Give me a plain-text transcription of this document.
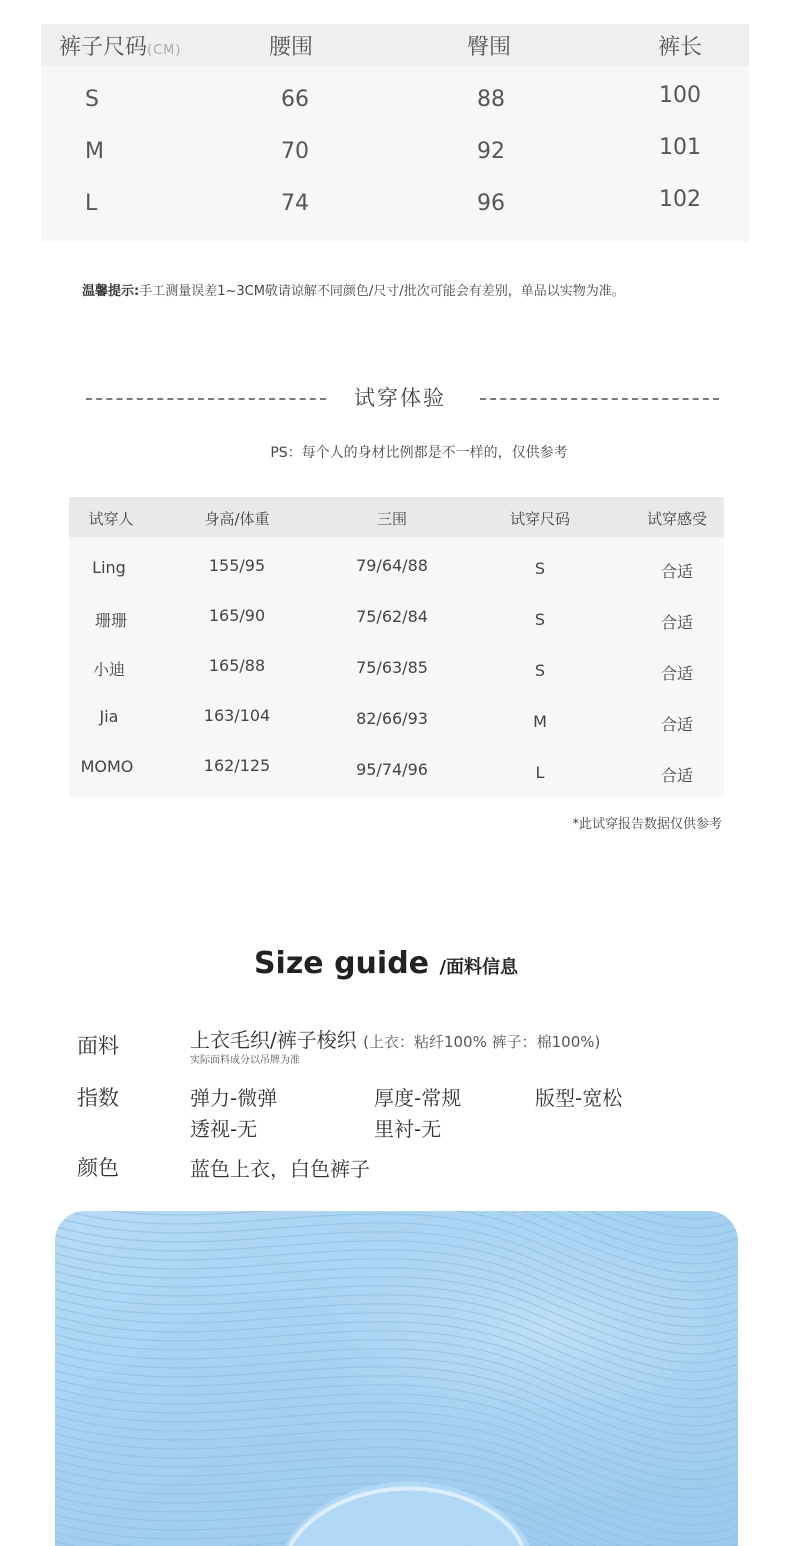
裤子尺码(CM)	腰围	臀围	裤长
S	66	88	100
M	70	92	101
L	74	96	102
温馨提示:手工测量误差1~3CM敬请谅解不同颜色/尺寸/批次可能会有差别，单品以实物为准。
试穿体验
PS：每个人的身材比例都是不一样的，仅供参考
试穿人	身高/体重	三围	试穿尺码	试穿感受
Ling	155/95	79/64/88	S	合适
珊珊	165/90	75/62/84	S	合适
小迪	165/88	75/63/85	S	合适
Jia	163/104	82/66/93	M	合适
MOMO	162/125	95/74/96	L	合适
*此试穿报告数据仅供参考
Size guide /面料信息
面料	上衣毛织/裤子梭织 (上衣：粘纤100% 裤子：棉100%)
实际面料成分以吊牌为准
指数	弹力-微弹	厚度-常规	版型-宽松
透视-无	里衬-无
颜色	蓝色上衣，白色裤子
